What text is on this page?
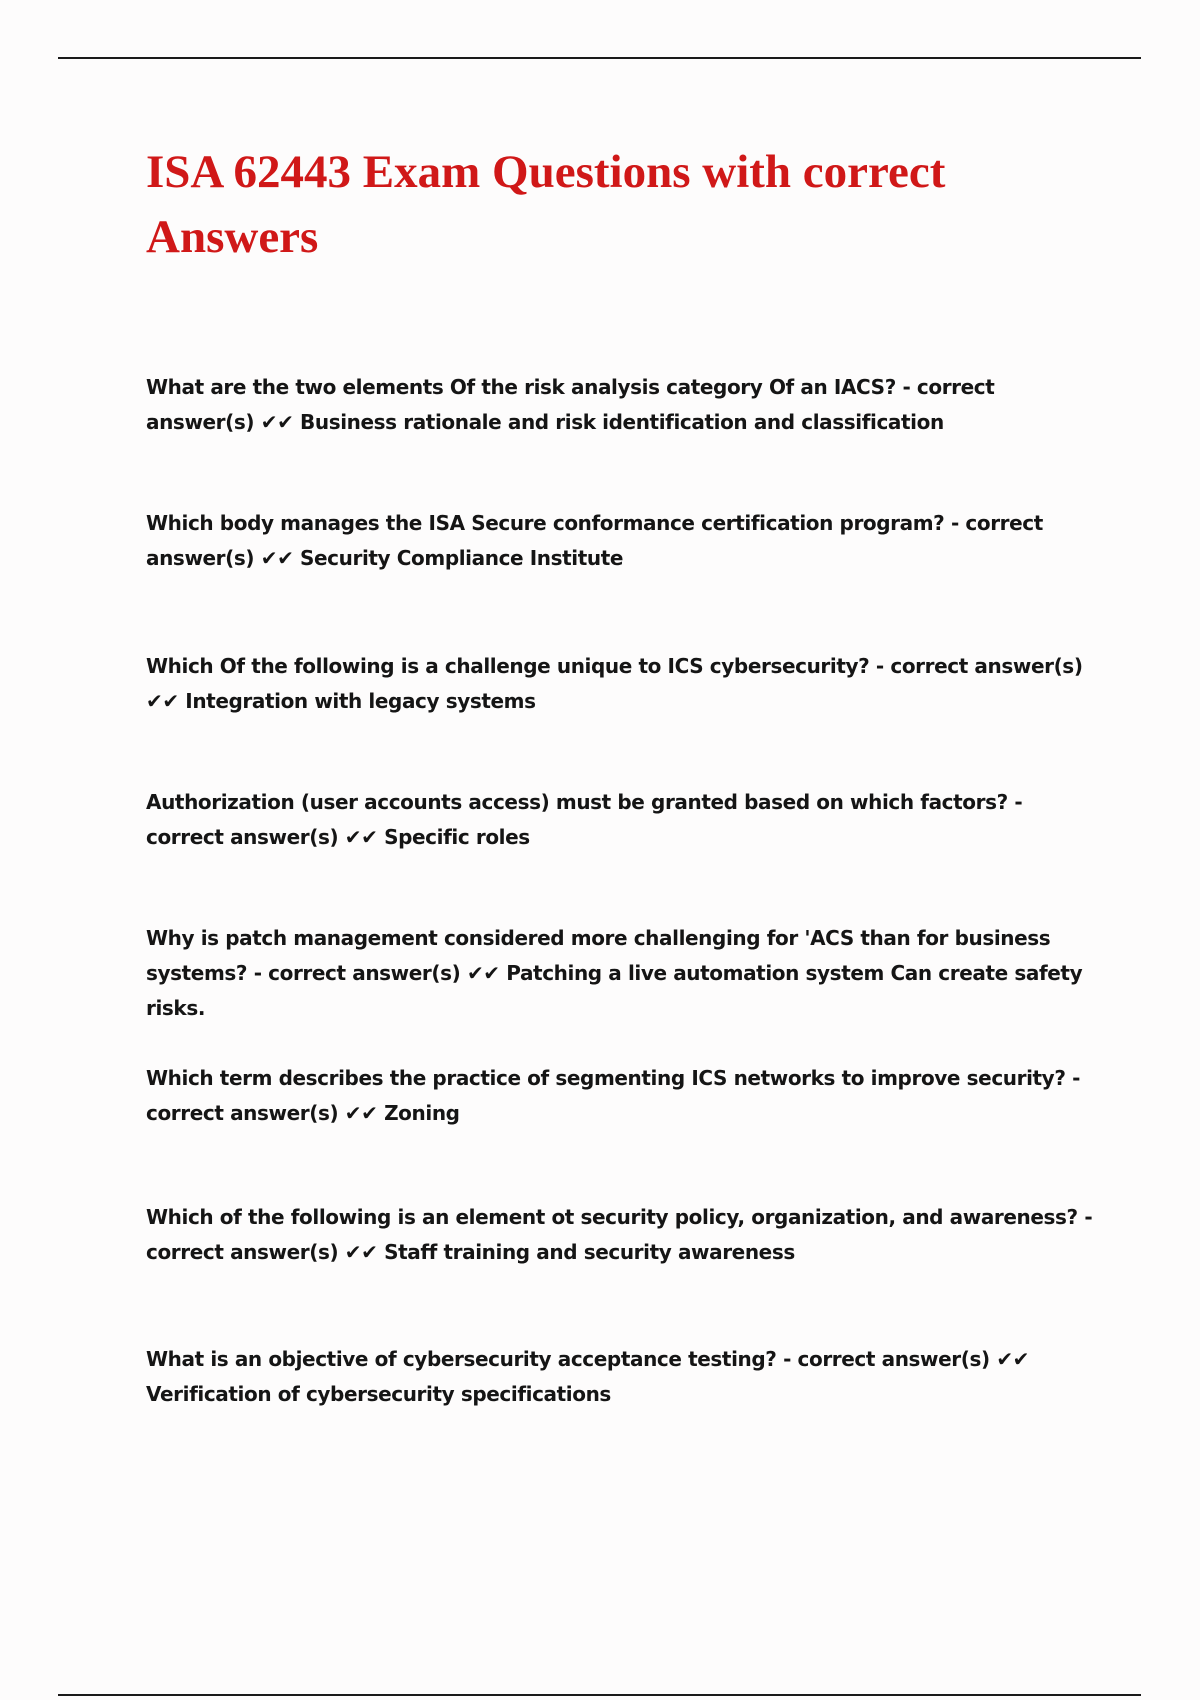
ISA 62443 Exam Questions with correct Answers

What are the two elements Of the risk analysis category Of an IACS? - correct answer(s) ✔✔ Business rationale and risk identification and classification

Which body manages the ISA Secure conformance certification program? - correct answer(s) ✔✔ Security Compliance Institute

Which Of the following is a challenge unique to ICS cybersecurity? - correct answer(s) ✔✔ Integration with legacy systems

Authorization (user accounts access) must be granted based on which factors? - correct answer(s) ✔✔ Specific roles

Why is patch management considered more challenging for 'ACS than for business systems? - correct answer(s) ✔✔ Patching a live automation system Can create safety risks.

Which term describes the practice of segmenting ICS networks to improve security? - correct answer(s) ✔✔ Zoning

Which of the following is an element ot security policy, organization, and awareness? - correct answer(s) ✔✔ Staff training and security awareness

What is an objective of cybersecurity acceptance testing? - correct answer(s) ✔✔ Verification of cybersecurity specifications
